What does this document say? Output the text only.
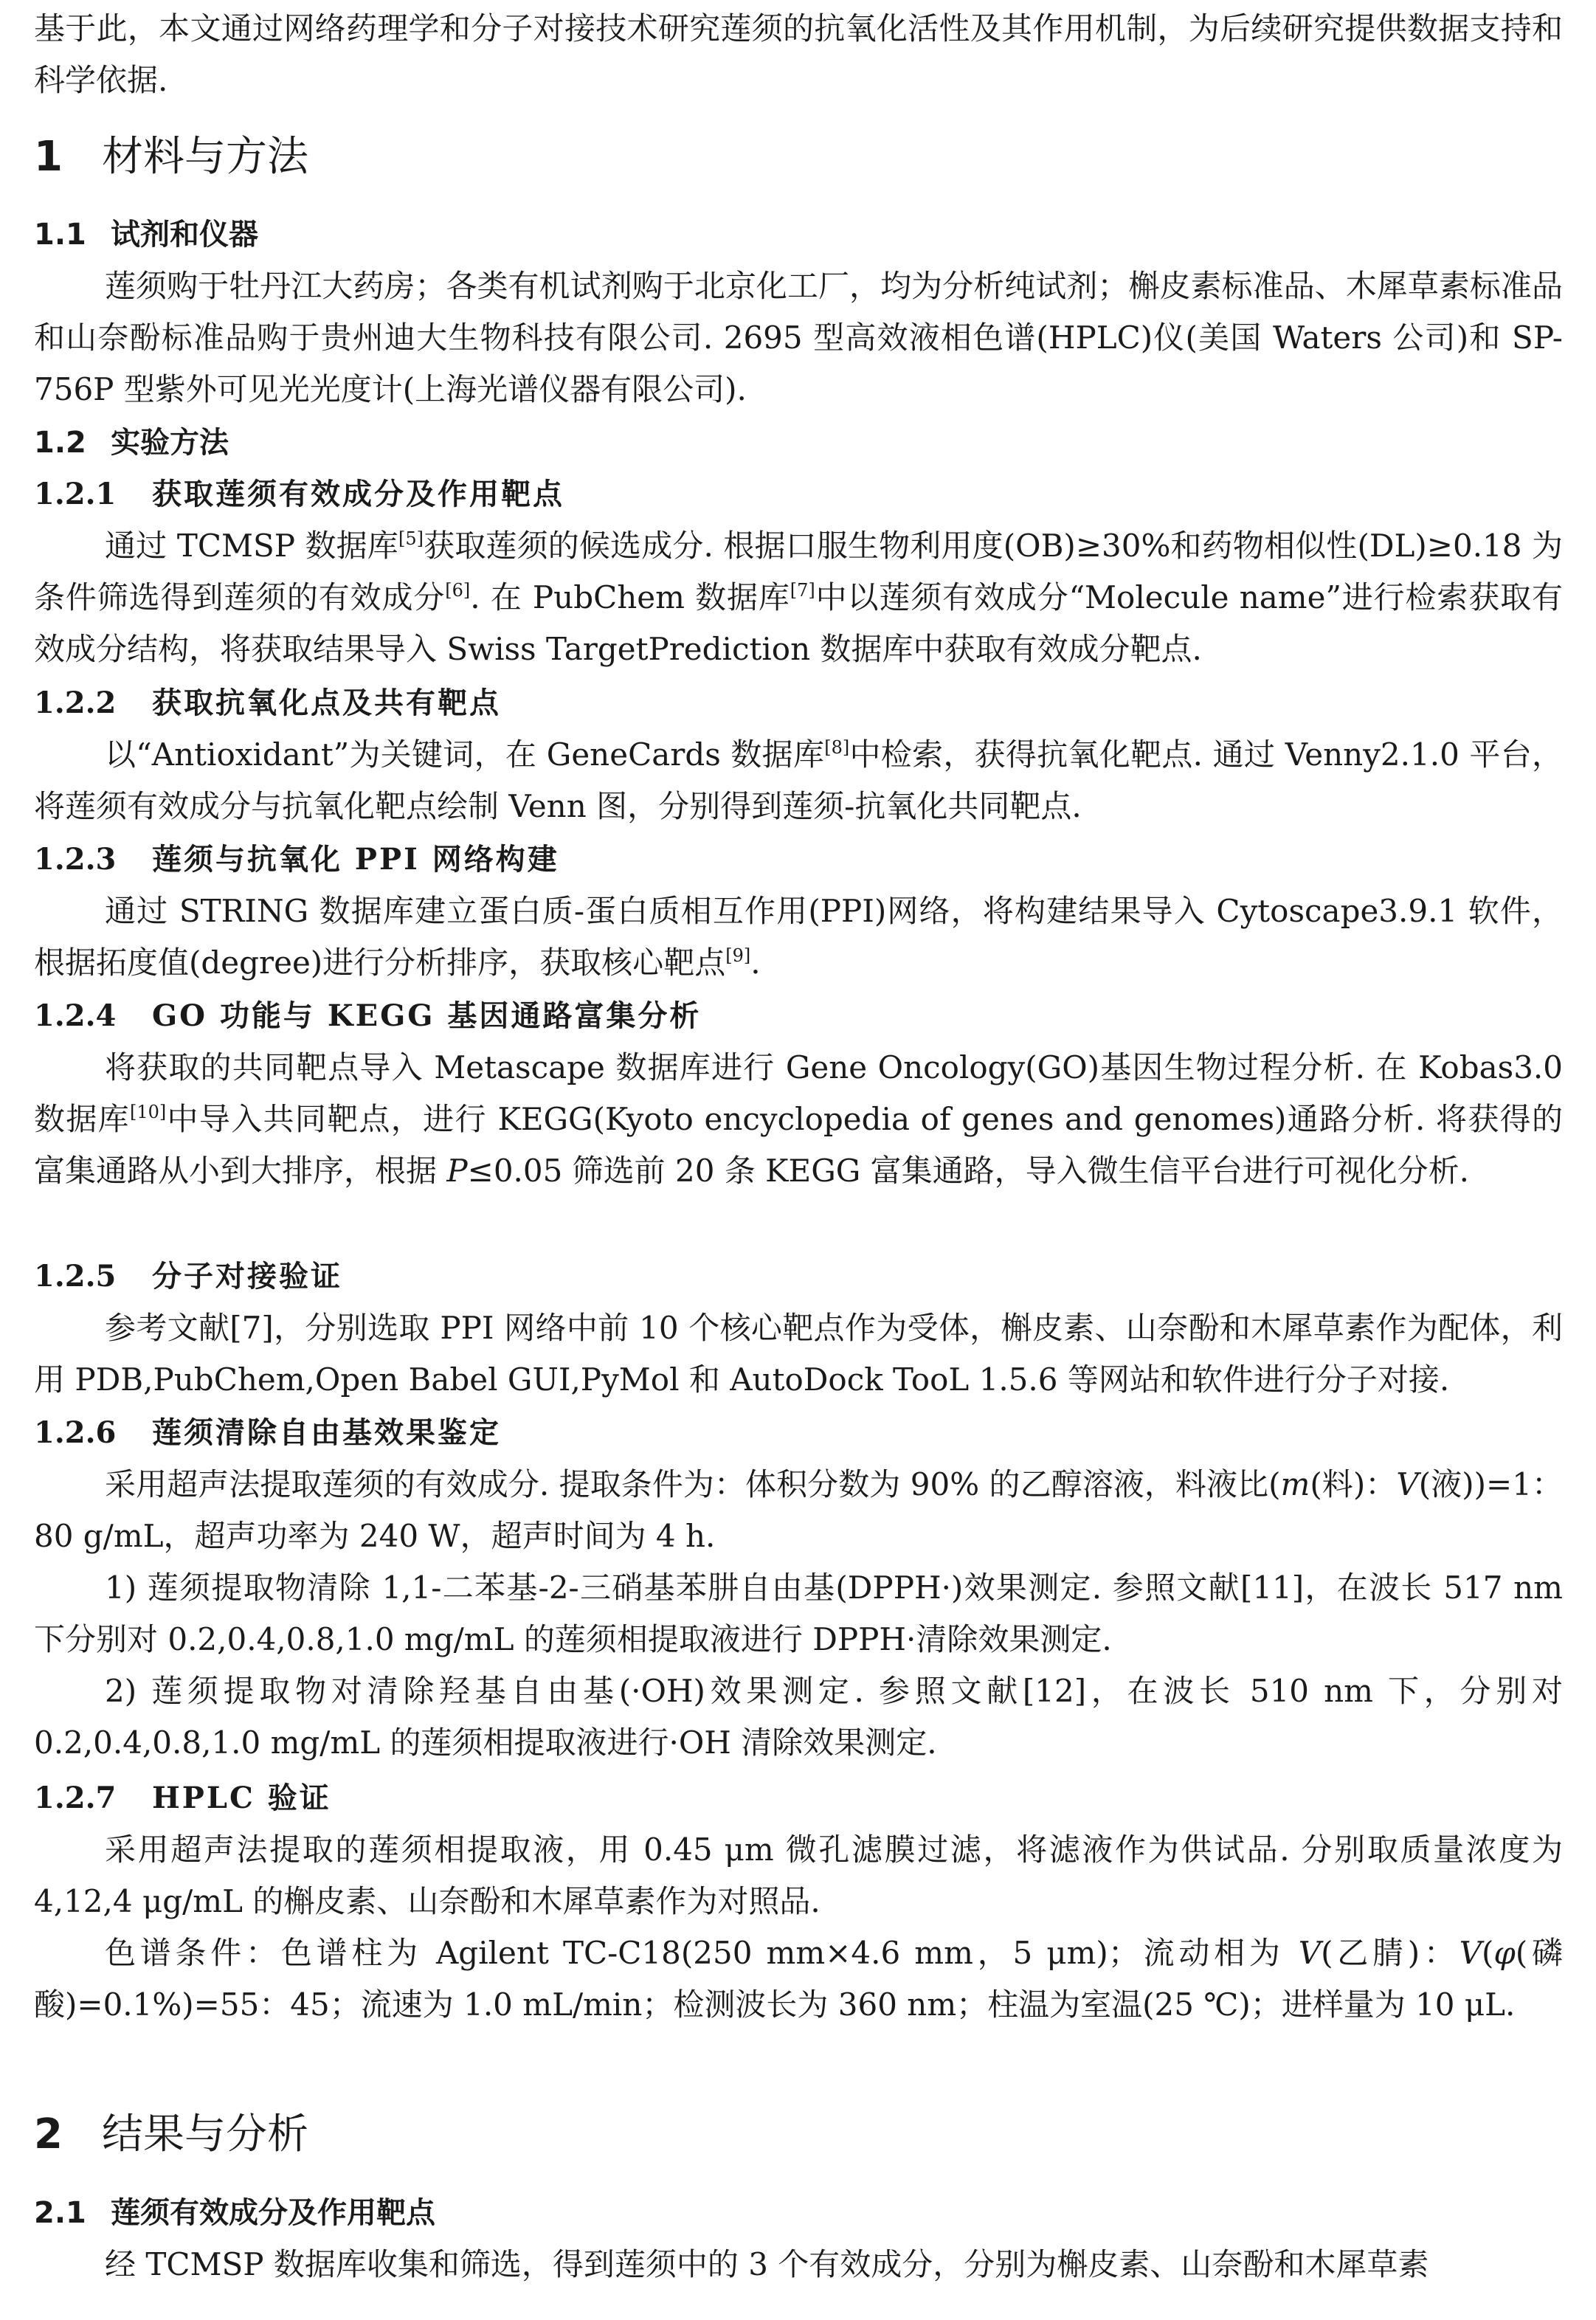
基于此，本文通过网络药理学和分子对接技术研究莲须的抗氧化活性及其作用机制，为后续研究提供数据支持和科学依据.

1 材料与方法
1.1 试剂和仪器

莲须购于牡丹江大药房；各类有机试剂购于北京化工厂，均为分析纯试剂；槲皮素标准品、木犀草素标准品和山奈酚标准品购于贵州迪大生物科技有限公司. 2695 型高效液相色谱(HPLC)仪(美国 Waters 公司)和 SP-756P 型紫外可见光光度计(上海光谱仪器有限公司).

1.2 实验方法
1.2.1 获取莲须有效成分及作用靶点

通过 TCMSP 数据库[5]获取莲须的候选成分. 根据口服生物利用度(OB)≥30%和药物相似性(DL)≥0.18 为条件筛选得到莲须的有效成分[6]. 在 PubChem 数据库[7]中以莲须有效成分“Molecule name”进行检索获取有效成分结构，将获取结果导入 Swiss TargetPrediction 数据库中获取有效成分靶点.

1.2.2 获取抗氧化点及共有靶点

以“Antioxidant”为关键词，在 GeneCards 数据库[8]中检索，获得抗氧化靶点. 通过 Venny2.1.0 平台，将莲须有效成分与抗氧化靶点绘制 Venn 图，分别得到莲须-抗氧化共同靶点.

1.2.3 莲须与抗氧化 PPI 网络构建

通过 STRING 数据库建立蛋白质-蛋白质相互作用(PPI)网络，将构建结果导入 Cytoscape3.9.1 软件，根据拓度值(degree)进行分析排序，获取核心靶点[9].

1.2.4 GO 功能与 KEGG 基因通路富集分析

将获取的共同靶点导入 Metascape 数据库进行 Gene Oncology(GO)基因生物过程分析. 在 Kobas3.0 数据库[10]中导入共同靶点，进行 KEGG(Kyoto encyclopedia of genes and genomes)通路分析. 将获得的富集通路从小到大排序，根据 P≤0.05 筛选前 20 条 KEGG 富集通路，导入微生信平台进行可视化分析.

1.2.5 分子对接验证

参考文献[7]，分别选取 PPI 网络中前 10 个核心靶点作为受体，槲皮素、山奈酚和木犀草素作为配体，利用 PDB,PubChem,Open Babel GUI,PyMol 和 AutoDock TooL 1.5.6 等网站和软件进行分子对接.

1.2.6 莲须清除自由基效果鉴定

采用超声法提取莲须的有效成分. 提取条件为：体积分数为 90% 的乙醇溶液，料液比(m(料)：V(液))=1：80 g/mL，超声功率为 240 W，超声时间为 4 h.

1) 莲须提取物清除 1,1-二苯基-2-三硝基苯肼自由基(DPPH·)效果测定. 参照文献[11]，在波长 517 nm 下分别对 0.2,0.4,0.8,1.0 mg/mL 的莲须相提取液进行 DPPH·清除效果测定.

2) 莲须提取物对清除羟基自由基(·OH)效果测定. 参照文献[12]，在波长 510 nm 下，分别对 0.2,0.4,0.8,1.0 mg/mL 的莲须相提取液进行·OH 清除效果测定.

1.2.7 HPLC 验证

采用超声法提取的莲须相提取液，用 0.45 μm 微孔滤膜过滤，将滤液作为供试品. 分别取质量浓度为 4,12,4 μg/mL 的槲皮素、山奈酚和木犀草素作为对照品.

色谱条件：色谱柱为 Agilent TC-C18(250 mm×4.6 mm，5 μm)；流动相为 V(乙腈)：V(φ(磷酸)=0.1%)=55：45；流速为 1.0 mL/min；检测波长为 360 nm；柱温为室温(25 ℃)；进样量为 10 μL.

2 结果与分析
2.1 莲须有效成分及作用靶点

经 TCMSP 数据库收集和筛选，得到莲须中的 3 个有效成分，分别为槲皮素、山奈酚和木犀草素
